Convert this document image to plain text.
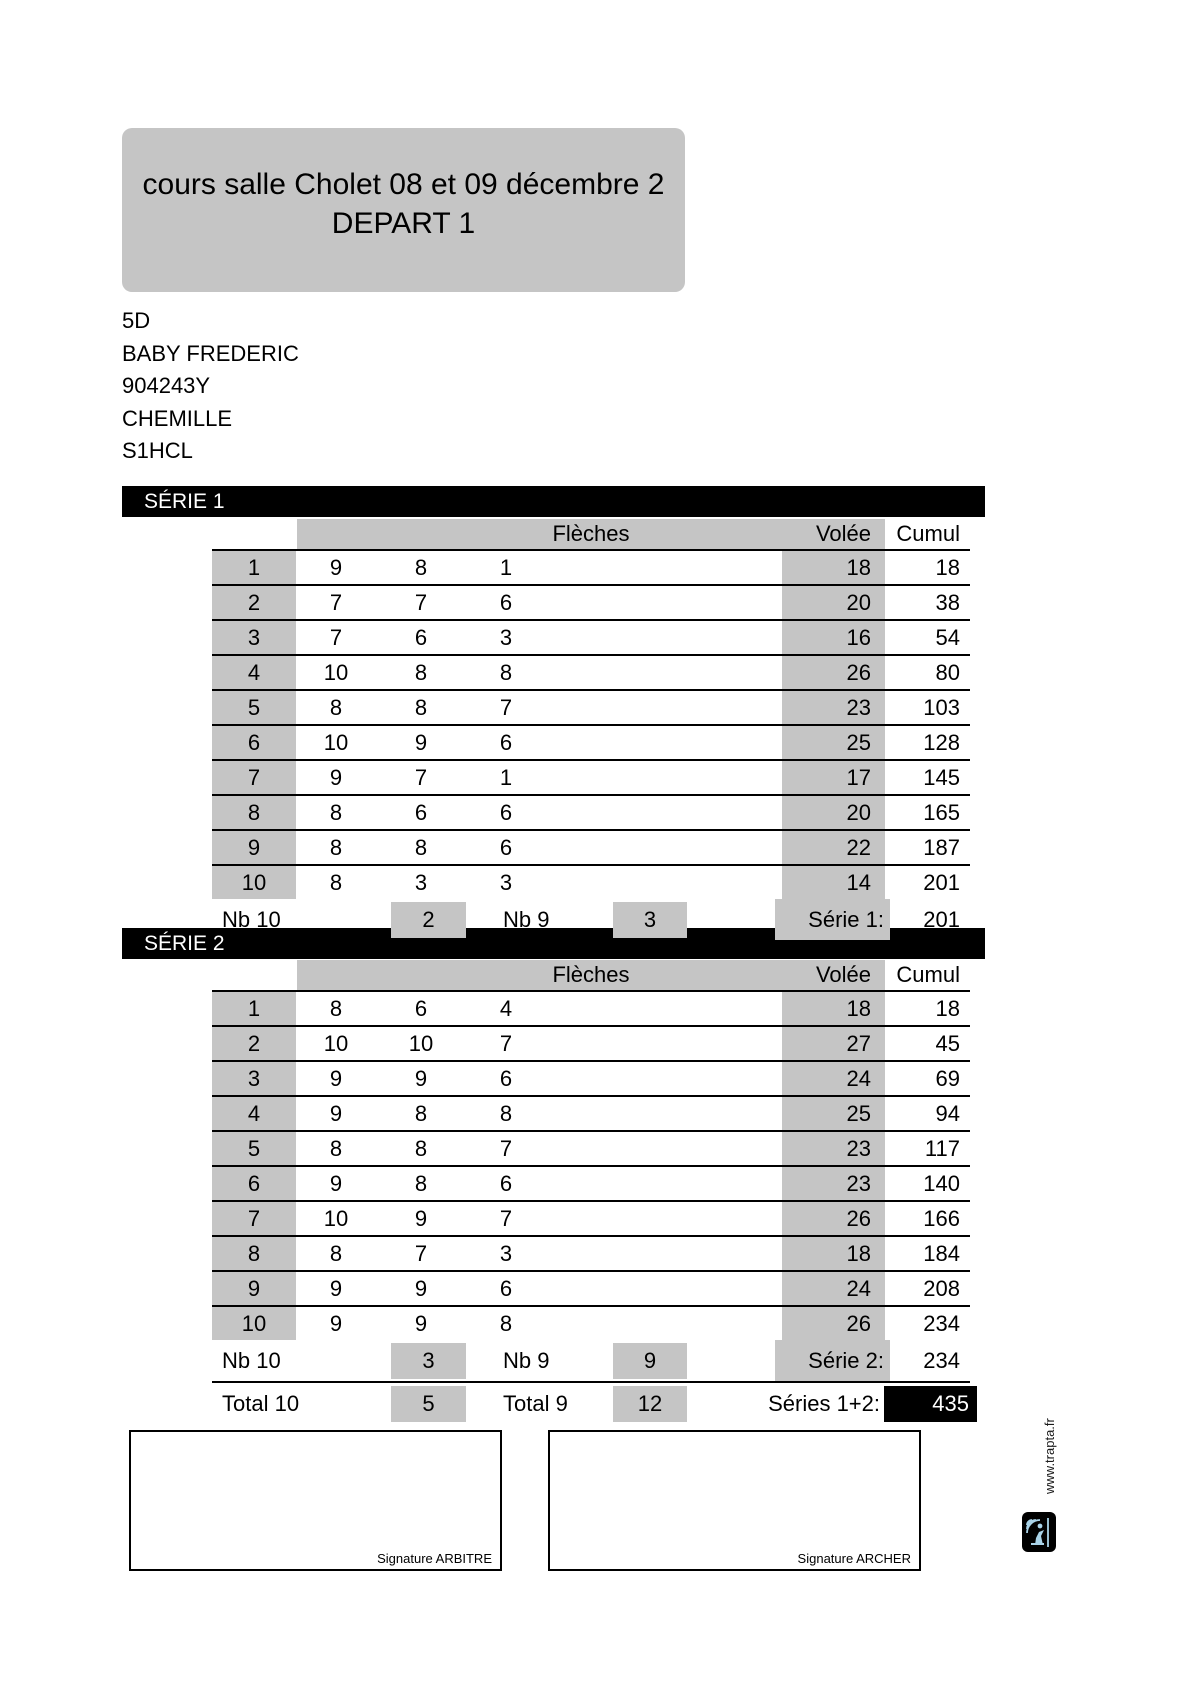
cours salle Cholet 08 et 09 décembre 2
DEPART 1
5D
BABY FREDERIC
904243Y
CHEMILLE
S1HCL
SÉRIE 1
SÉRIE 2
Flèches	Volée	Cumul
1	9	8	1	18	18
2	7	7	6	20	38
3	7	6	3	16	54
4	10	8	8	26	80
5	8	8	7	23	103
6	10	9	6	25	128
7	9	7	1	17	145
8	8	6	6	20	165
9	8	8	6	22	187
10	8	3	3	14	201
Nb 10	2	Nb 9	3	Série 1:	201
Flèches	Volée	Cumul
1	8	6	4	18	18
2	10	10	7	27	45
3	9	9	6	24	69
4	9	8	8	25	94
5	8	8	7	23	117
6	9	8	6	23	140
7	10	9	7	26	166
8	8	7	3	18	184
9	9	9	6	24	208
10	9	9	8	26	234
Nb 10	3	Nb 9	9	Série 2:	234
Total 10	5	Total 9	12	Séries 1+2:	435
Signature ARBITRE	Signature ARCHER
www.trapta.fr
